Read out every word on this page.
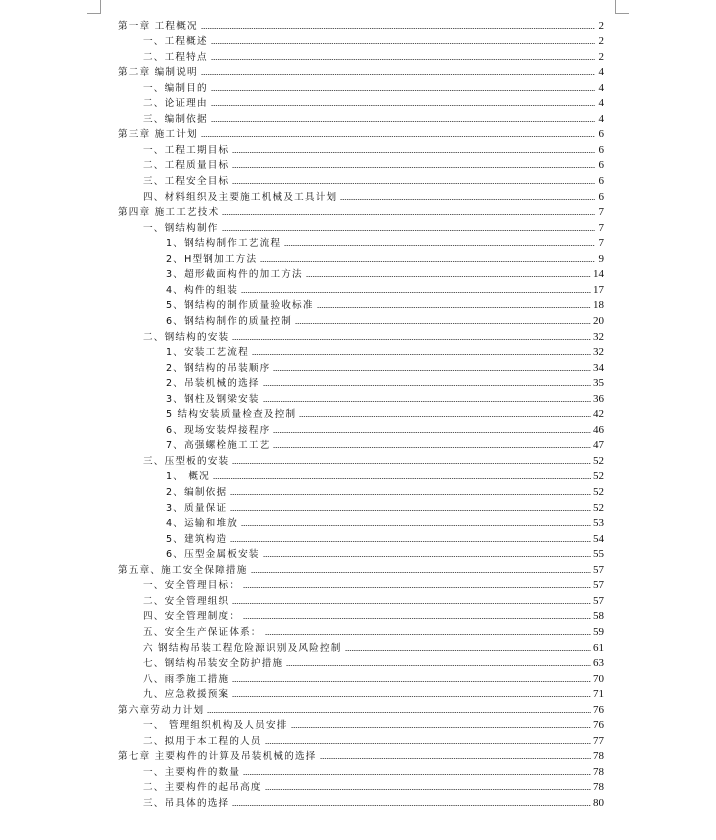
第一章 工程概况	2
一、工程概述	2
二、工程特点	2
第二章 编制说明	4
一、编制目的	4
二、论证理由	4
三、编制依据	4
第三章 施工计划	6
一、工程工期目标	6
二、工程质量目标	6
三、工程安全目标	6
四、材料组织及主要施工机械及工具计划	6
第四章 施工工艺技术	7
一、钢结构制作	7
1、钢结构制作工艺流程	7
2、H型钢加工方法	9
3、超形截面构件的加工方法	14
4、构件的组装	17
5、钢结构的制作质量验收标准	18
6、钢结构制作的质量控制	20
二、钢结构的安装	32
1、安装工艺流程	32
2、钢结构的吊装顺序	34
2、吊装机械的选择	35
3、钢柱及钢梁安装	36
5 结构安装质量检查及控制	42
6、现场安装焊接程序	46
7、高强螺栓施工工艺	47
三、压型板的安装	52
1、 概况	52
2、编制依据	52
3、质量保证	52
4、运输和堆放	53
5、建筑构造	54
6、压型金属板安装	55
第五章、施工安全保障措施	57
一、安全管理目标：	57
二、安全管理组织	57
四、安全管理制度：	58
五、安全生产保证体系：	59
六 钢结构吊装工程危险源识别及风险控制	61
七、钢结构吊装安全防护措施	63
八、雨季施工措施	70
九、应急救援预案	71
第六章劳动力计划	76
一、 管理组织机构及人员安排	76
二、拟用于本工程的人员	77
第七章 主要构件的计算及吊装机械的选择	78
一、主要构件的数量	78
二、主要构件的起吊高度	78
三、吊具体的选择	80
